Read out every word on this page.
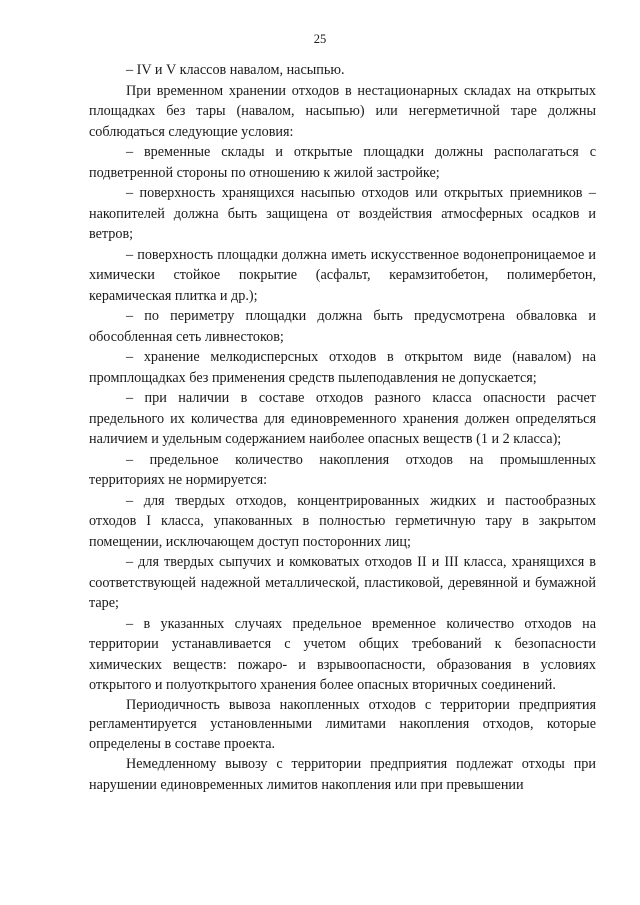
25

– IV и V классов навалом, насыпью.

При временном хранении отходов в нестационарных складах на открытых площадках без тары (навалом, насыпью) или негерметичной таре должны соблюдаться следующие условия:

– временные склады и открытые площадки должны располагаться с подветренной стороны по отношению к жилой застройке;

– поверхность хранящихся насыпью отходов или открытых приемников – накопителей должна быть защищена от воздействия атмосферных осадков и ветров;

– поверхность площадки должна иметь искусственное водонепроницаемое и химически стойкое покрытие (асфальт, керамзитобетон, полимербетон, керамическая плитка и др.);

– по периметру площадки должна быть предусмотрена обваловка и обособленная сеть ливнестоков;

– хранение мелкодисперсных отходов в открытом виде (навалом) на промплощадках без применения средств пылеподавления не допускается;

– при наличии в составе отходов разного класса опасности расчет предельного их количества для единовременного хранения должен определяться наличием и удельным содержанием наиболее опасных веществ (1 и 2 класса);

– предельное количество накопления отходов на промышленных территориях не нормируется:

– для твердых отходов, концентрированных жидких и пастообразных отходов I класса, упакованных в полностью герметичную тару в закрытом помещении, исключающем доступ посторонних лиц;

– для твердых сыпучих и комковатых отходов II и III класса, хранящихся в соответствующей надежной металлической, пластиковой, деревянной и бумажной таре;

– в указанных случаях предельное временное количество отходов на территории устанавливается с учетом общих требований к безопасности химических веществ: пожаро- и взрывоопасности, образования в условиях открытого и полуоткрытого хранения более опасных вторичных соединений.

Периодичность вывоза накопленных отходов с территории предприятия регламентируется установленными лимитами накопления отходов, которые определены в составе проекта.

Немедленному вывозу с территории предприятия подлежат отходы при нарушении единовременных лимитов накопления или при превышении
